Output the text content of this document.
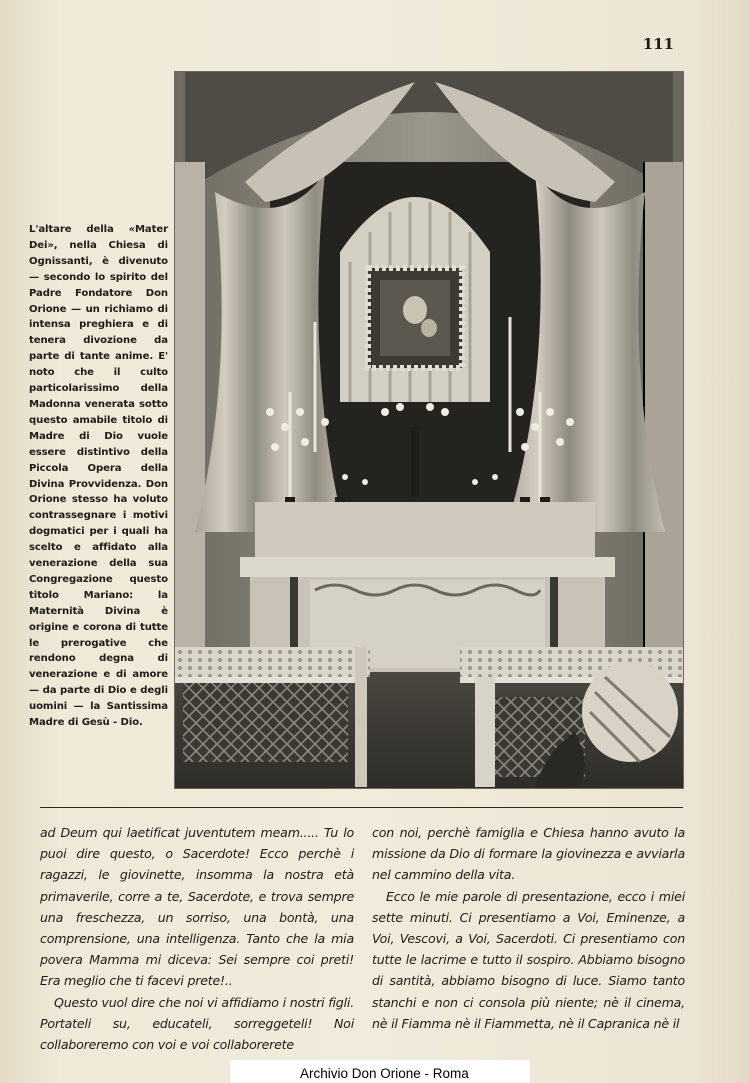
111
L'altare della «Mater Dei», nella Chiesa di Ognissanti, è divenuto — secondo lo spirito del Padre Fondatore Don Orione — un richiamo di intensa preghiera e di tenera divozione da parte di tante anime. E' noto che il culto particolarissimo della Madonna venerata sotto questo amabile titolo di Madre di Dio vuole essere distintivo della Piccola Opera della Divina Provvidenza. Don Orione stesso ha voluto contrassegnare i motivi dogmatici per i quali ha scelto e affidato alla venerazione della sua Congregazione questo titolo Mariano: la Maternità Divina è origine e corona di tutte le prerogative che rendono degna di venerazione e di amore — da parte di Dio e degli uomini — la Santissima Madre di Gesù - Dio.

ad Deum qui laetificat juventutem meam..... Tu lo puoi dire questo, o Sacerdote! Ecco perchè i ragazzi, le giovinette, insomma la nostra età primaverile, corre a te, Sacerdote, e trova sempre una freschezza, un sorriso, una bontà, una comprensione, una intelligenza. Tanto che la mia povera Mamma mi diceva: Sei sempre coi preti! Era meglio che ti facevi prete!..

Questo vuol dire che noi vi affidiamo i nostri figli. Portateli su, educateli, sorreggeteli! Noi collaboreremo con voi e voi collaborerete

con noi, perchè famiglia e Chiesa hanno avuto la missione da Dio di formare la giovinezza e avviarla nel cammino della vita.

Ecco le mie parole di presentazione, ecco i miei sette minuti. Ci presentiamo a Voi, Eminenze, a Voi, Vescovi, a Voi, Sacerdoti. Ci presentiamo con tutte le lacrime e tutto il sospiro. Abbiamo bisogno di santità, abbiamo bisogno di luce. Siamo tanto stanchi e non ci consola più niente; nè il cinema, nè il Fiamma nè il Fiammetta, nè il Capranica nè il

Archivio Don Orione - Roma
